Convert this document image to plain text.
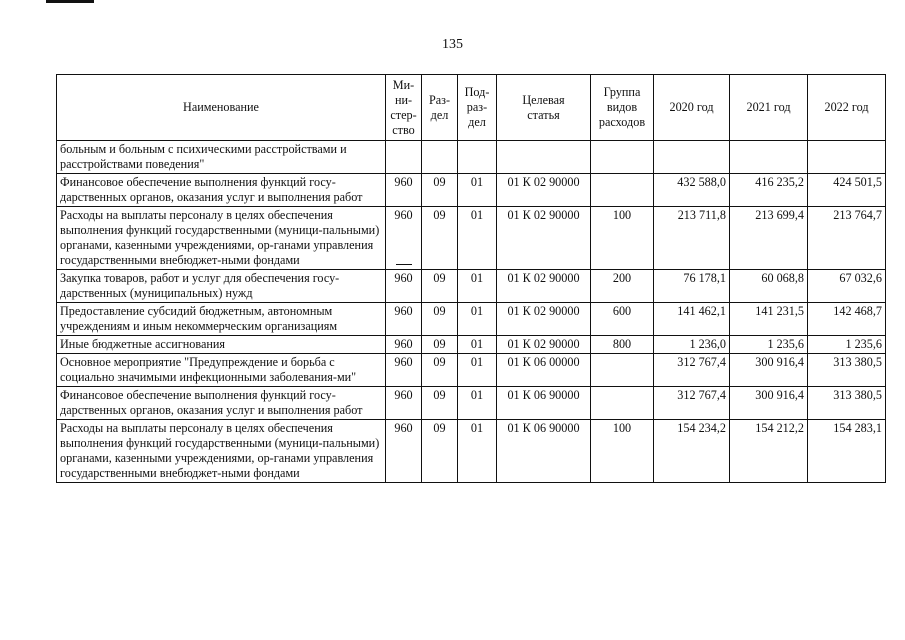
135
Наименование	Ми-
ни-
стер-
ство	Раз-
дел	Под-
раз-
дел	Целевая
статья	Группа
видов
расходов	2020 год	2021 год	2022 год
больным и больным с психическими расстройствами и расстройствами поведения"								
Финансовое обеспечение выполнения функций госу-дарственных органов, оказания услуг и выполнения работ	960	09	01	01 К 02 90000		432 588,0	416 235,2	424 501,5
Расходы на выплаты персоналу в целях обеспечения выполнения функций государственными (муници-пальными) органами, казенными учреждениями, ор-ганами управления государственными внебюджет-ными фондами	960	09	01	01 К 02 90000	100	213 711,8	213 699,4	213 764,7
Закупка товаров, работ и услуг для обеспечения госу-дарственных (муниципальных) нужд	960	09	01	01 К 02 90000	200	76 178,1	60 068,8	67 032,6
Предоставление субсидий бюджетным, автономным учреждениям и иным некоммерческим организациям	960	09	01	01 К 02 90000	600	141 462,1	141 231,5	142 468,7
Иные бюджетные ассигнования	960	09	01	01 К 02 90000	800	1 236,0	1 235,6	1 235,6
Основное мероприятие "Предупреждение и борьба с социально значимыми инфекционными заболевания-ми"	960	09	01	01 К 06 00000		312 767,4	300 916,4	313 380,5
Финансовое обеспечение выполнения функций госу-дарственных органов, оказания услуг и выполнения работ	960	09	01	01 К 06 90000		312 767,4	300 916,4	313 380,5
Расходы на выплаты персоналу в целях обеспечения выполнения функций государственными (муници-пальными) органами, казенными учреждениями, ор-ганами управления государственными внебюджет-ными фондами	960	09	01	01 К 06 90000	100	154 234,2	154 212,2	154 283,1
